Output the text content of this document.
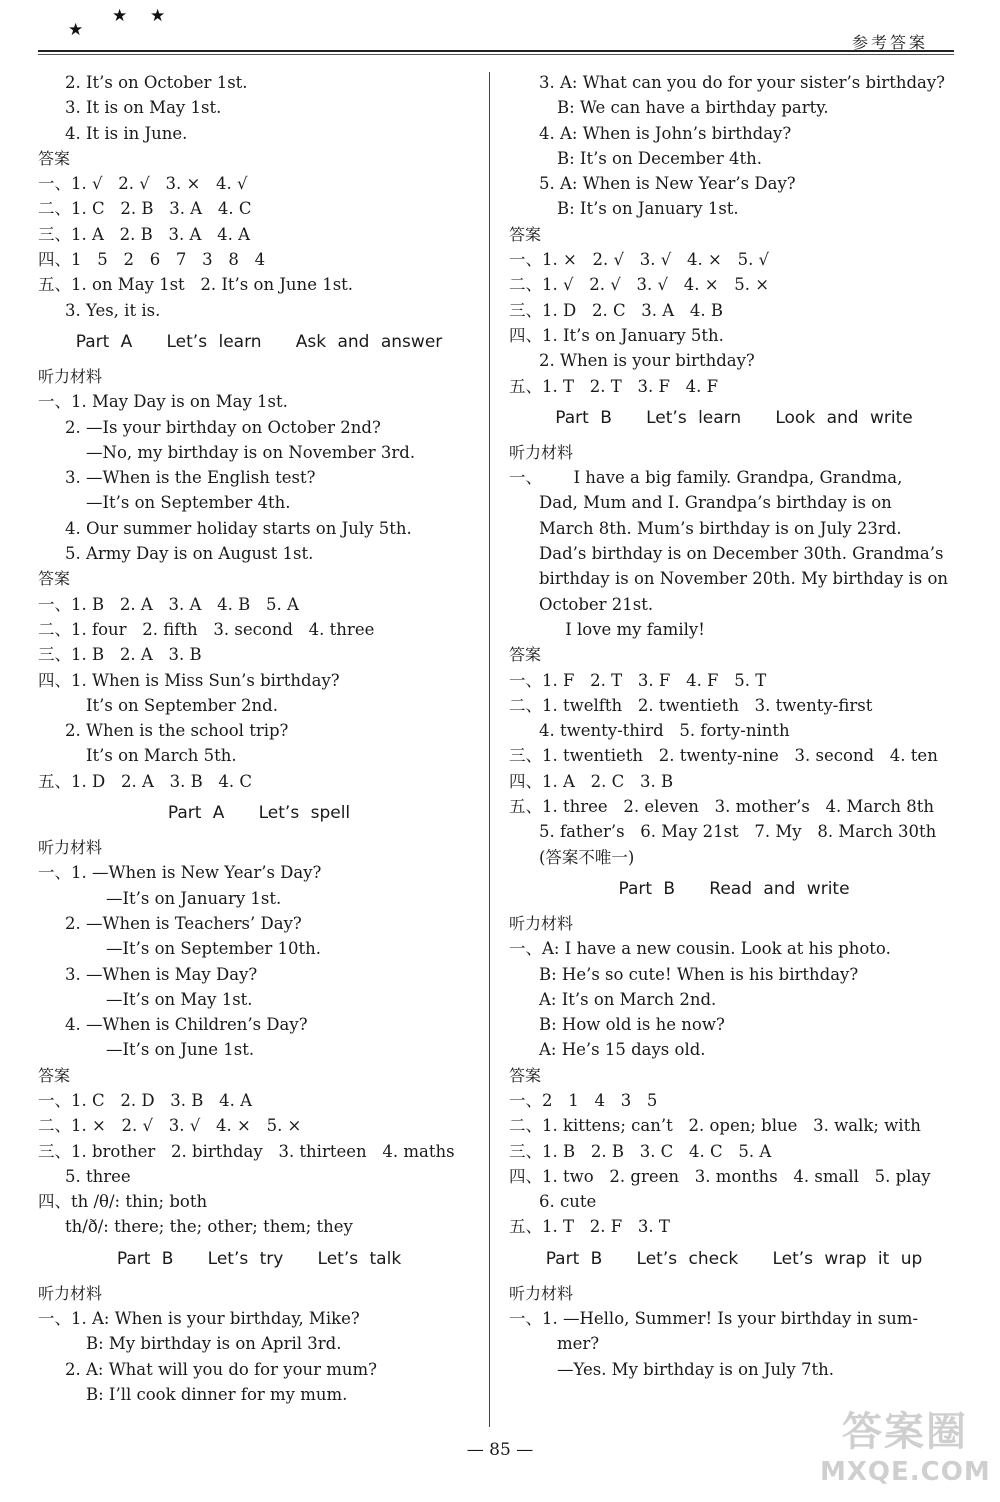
★
★ ★
参考答案
2. It’s on October 1st.
3. It is on May 1st.
4. It is in June.
答案
一、1. √   2. √   3. ×   4. √
二、1. C   2. B   3. A   4. C
三、1. A   2. B   3. A   4. A
四、1   5   2   6   7   3   8   4
五、1. on May 1st   2. It’s on June 1st.
3. Yes, it is.
Part A   Let’s learn   Ask and answer
听力材料
一、1. May Day is on May 1st.
2. —Is your birthday on October 2nd?
—No, my birthday is on November 3rd.
3. —When is the English test?
—It’s on September 4th.
4. Our summer holiday starts on July 5th.
5. Army Day is on August 1st.
答案
一、1. B   2. A   3. A   4. B   5. A
二、1. four   2. fifth   3. second   4. three
三、1. B   2. A   3. B
四、1. When is Miss Sun’s birthday?
It’s on September 2nd.
2. When is the school trip?
It’s on March 5th.
五、1. D   2. A   3. B   4. C
Part A   Let’s spell
听力材料
一、1. —When is New Year’s Day?
—It’s on January 1st.
2. —When is Teachers’ Day?
—It’s on September 10th.
3. —When is May Day?
—It’s on May 1st.
4. —When is Children’s Day?
—It’s on June 1st.
答案
一、1. C   2. D   3. B   4. A
二、1. ×   2. √   3. √   4. ×   5. ×
三、1. brother   2. birthday   3. thirteen   4. maths
5. three
四、th /θ/: thin; both
th/ð/: there; the; other; them; they
Part B   Let’s try   Let’s talk
听力材料
一、1. A: When is your birthday, Mike?
B: My birthday is on April 3rd.
2. A: What will you do for your mum?
B: I’ll cook dinner for my mum.
3. A: What can you do for your sister’s birthday?
B: We can have a birthday party.
4. A: When is John’s birthday?
B: It’s on December 4th.
5. A: When is New Year’s Day?
B: It’s on January 1st.
答案
一、1. ×   2. √   3. √   4. ×   5. √
二、1. √   2. √   3. √   4. ×   5. ×
三、1. D   2. C   3. A   4. B
四、1. It’s on January 5th.
2. When is your birthday?
五、1. T   2. T   3. F   4. F
Part B   Let’s learn   Look and write
听力材料
一、      I have a big family. Grandpa, Grandma,
Dad, Mum and I. Grandpa’s birthday is on
March 8th. Mum’s birthday is on July 23rd.
Dad’s birthday is on December 30th. Grandma’s
birthday is on November 20th. My birthday is on
October 21st.
I love my family!
答案
一、1. F   2. T   3. F   4. F   5. T
二、1. twelfth   2. twentieth   3. twenty-first
4. twenty-third   5. forty-ninth
三、1. twentieth   2. twenty-nine   3. second   4. ten
四、1. A   2. C   3. B
五、1. three   2. eleven   3. mother’s   4. March 8th
5. father’s   6. May 21st   7. My   8. March 30th
(答案不唯一)
Part B   Read and write
听力材料
一、A: I have a new cousin. Look at his photo.
B: He’s so cute! When is his birthday?
A: It’s on March 2nd.
B: How old is he now?
A: He’s 15 days old.
答案
一、2   1   4   3   5
二、1. kittens; can’t   2. open; blue   3. walk; with
三、1. B   2. B   3. C   4. C   5. A
四、1. two   2. green   3. months   4. small   5. play
6. cute
五、1. T   2. F   3. T
Part B   Let’s check   Let’s wrap it up
听力材料
一、1. —Hello, Summer! Is your birthday in sum-
mer?
—Yes. My birthday is on July 7th.
— 85 —	答案圈
MXQE.COM
